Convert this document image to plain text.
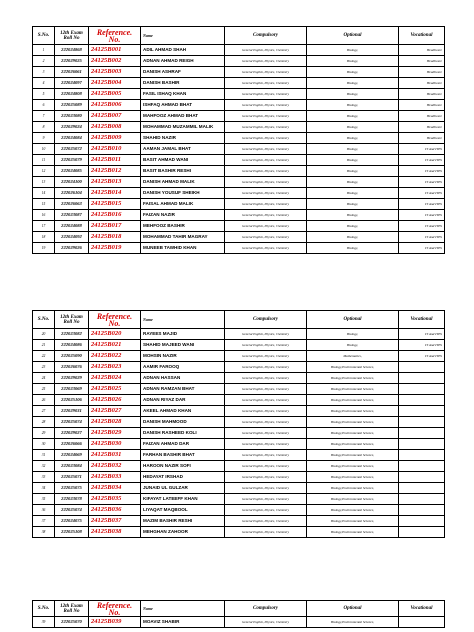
S.No.	12th Exam Roll No	Reference. No.	Name	Compulsory	Optional	Vocational
1	222024868	24125B001	ADIL AHMAD SHAH	General English, Physics, Chemistry	Biology,	Healthcare
2	222029025	24125B002	ADNAN AHMAD REIGH	General English, Physics, Chemistry	Biology,	Healthcare
3	222026061	24125B003	DANISH ASHRAF	General English, Physics, Chemistry	Biology,	Healthcare
4	222024097	24125B004	DANISH BASHIR	General English, Physics, Chemistry	Biology,	Healthcare
5	222024808	24125B005	FASIL ISHAQ KHAN	General English, Physics, Chemistry	Biology,	Healthcare
6	222025089	24125B006	ISHFAQ AHMAD BHAT	General English, Physics, Chemistry	Biology,	Healthcare
7	222023080	24125B007	MAHFOOZ AHMAD BHAT	General English, Physics, Chemistry	Biology,	Healthcare
8	222029024	24125B008	MOHAMMAD MUZAMMIL MALIK	General English, Physics, Chemistry	Biology,	Healthcare
9	222024084	24125B009	SHAHID NAZIR	General English, Physics, Chemistry	Biology,	Healthcare
10	222025072	24125B010	AAMAN JAMAL BHAT	General English, Physics, Chemistry	Biology,	IT And ITES
11	222025079	24125B011	BASIT AHMAD WANI	General English, Physics, Chemistry	Biology,	IT And ITES
12	222024085	24125B012	BASIT BASHIR RESHI	General English, Physics, Chemistry	Biology,	IT And ITES
13	222024100	24125B013	DANISH AHMAD MALIK	General English, Physics, Chemistry	Biology,	IT And ITES
14	222026104	24125B014	DANISH YOUSUF SHEIKH	General English, Physics, Chemistry	Biology,	IT And ITES
15	222026063	24125B015	FAISAL AHMAD MALIK	General English, Physics, Chemistry	Biology,	IT And ITES
16	222023087	24125B016	FAIZAN NAZIR	General English, Physics, Chemistry	Biology,	IT And ITES
17	222024088	24125B017	MEHFOOZ BASHIR	General English, Physics, Chemistry	Biology,	IT And ITES
18	222024092	24125B018	MOHAMMAD TAHIR MAGRAY	General English, Physics, Chemistry	Biology,	IT And ITES
19	222029026	24125B019	MUNEEB TAWHID KHAN	General English, Physics, Chemistry	Biology,	IT And ITES
S.No.	12th Exam Roll No	Reference. No.	Name	Compulsory	Optional	Vocational
20	222023082	24125B020	RAYEES MAJID	General English, Physics, Chemistry	Biology,	IT And ITES
21	222024086	24125B021	SHAHID MAJEED WANI	General English, Physics, Chemistry	Biology,	IT And ITES
22	222025090	24125B022	MOHSIN NAZIR	General English, Physics, Chemistry	Mathematics,	IT And ITES
23	222026076	24125B023	AAMIR FAROOQ	General English, Physics, Chemistry	Biology,Environmental Science,	
24	222029029	24125B024	ADNAN HASSAN	General English, Physics, Chemistry	Biology,Environmental Science,	
25	222023069	24125B025	ADNAN RAMZAN BHAT	General English, Physics, Chemistry	Biology,Environmental Science,	
26	222025106	24125B026	ADNAN RIYAZ DAR	General English, Physics, Chemistry	Biology,Environmental Science,	
27	222029031	24125B027	AKEEL AHMAD KHAN	General English, Physics, Chemistry	Biology,Environmental Science,	
28	222025074	24125B028	DANISH MAHMOOD	General English, Physics, Chemistry	Biology,Environmental Science,	
29	222029027	24125B029	DANISH RASHEED KOLI	General English, Physics, Chemistry	Biology,Environmental Science,	
30	222026066	24125B030	FAIZAN AHMAD DAR	General English, Physics, Chemistry	Biology,Environmental Science,	
31	222024069	24125B031	FARHAN BASHIR BHAT	General English, Physics, Chemistry	Biology,Environmental Science,	
32	222023084	24125B032	HAROON NAZIR SOFI	General English, Physics, Chemistry	Biology,Environmental Science,	
33	222025071	24125B033	HEDAYAT IRSHAD	General English, Physics, Chemistry	Biology,Environmental Science,	
34	222025075	24125B034	JUNAID UL GULZAR	General English, Physics, Chemistry	Biology,Environmental Science,	
35	222023078	24125B035	KIFAYAT LATEEFF KHAN	General English, Physics, Chemistry	Biology,Environmental Science,	
36	222025074	24125B036	LIYAQAT MAQBOOL	General English, Physics, Chemistry	Biology,Environmental Science,	
37	222024075	24125B037	MAZIM BASHIR RESHI	General English, Physics, Chemistry	Biology,Environmental Science,	
38	222025108	24125B038	MEHGHAN ZAHOOR	General English, Physics, Chemistry	Biology,Environmental Science,	
S.No.	12th Exam Roll No	Reference. No.	Name	Compulsory	Optional	Vocational
39	222025070	24125B039	MOAVIZ SHABIR	General English, Physics, Chemistry	Biology,Environmental Science,	
